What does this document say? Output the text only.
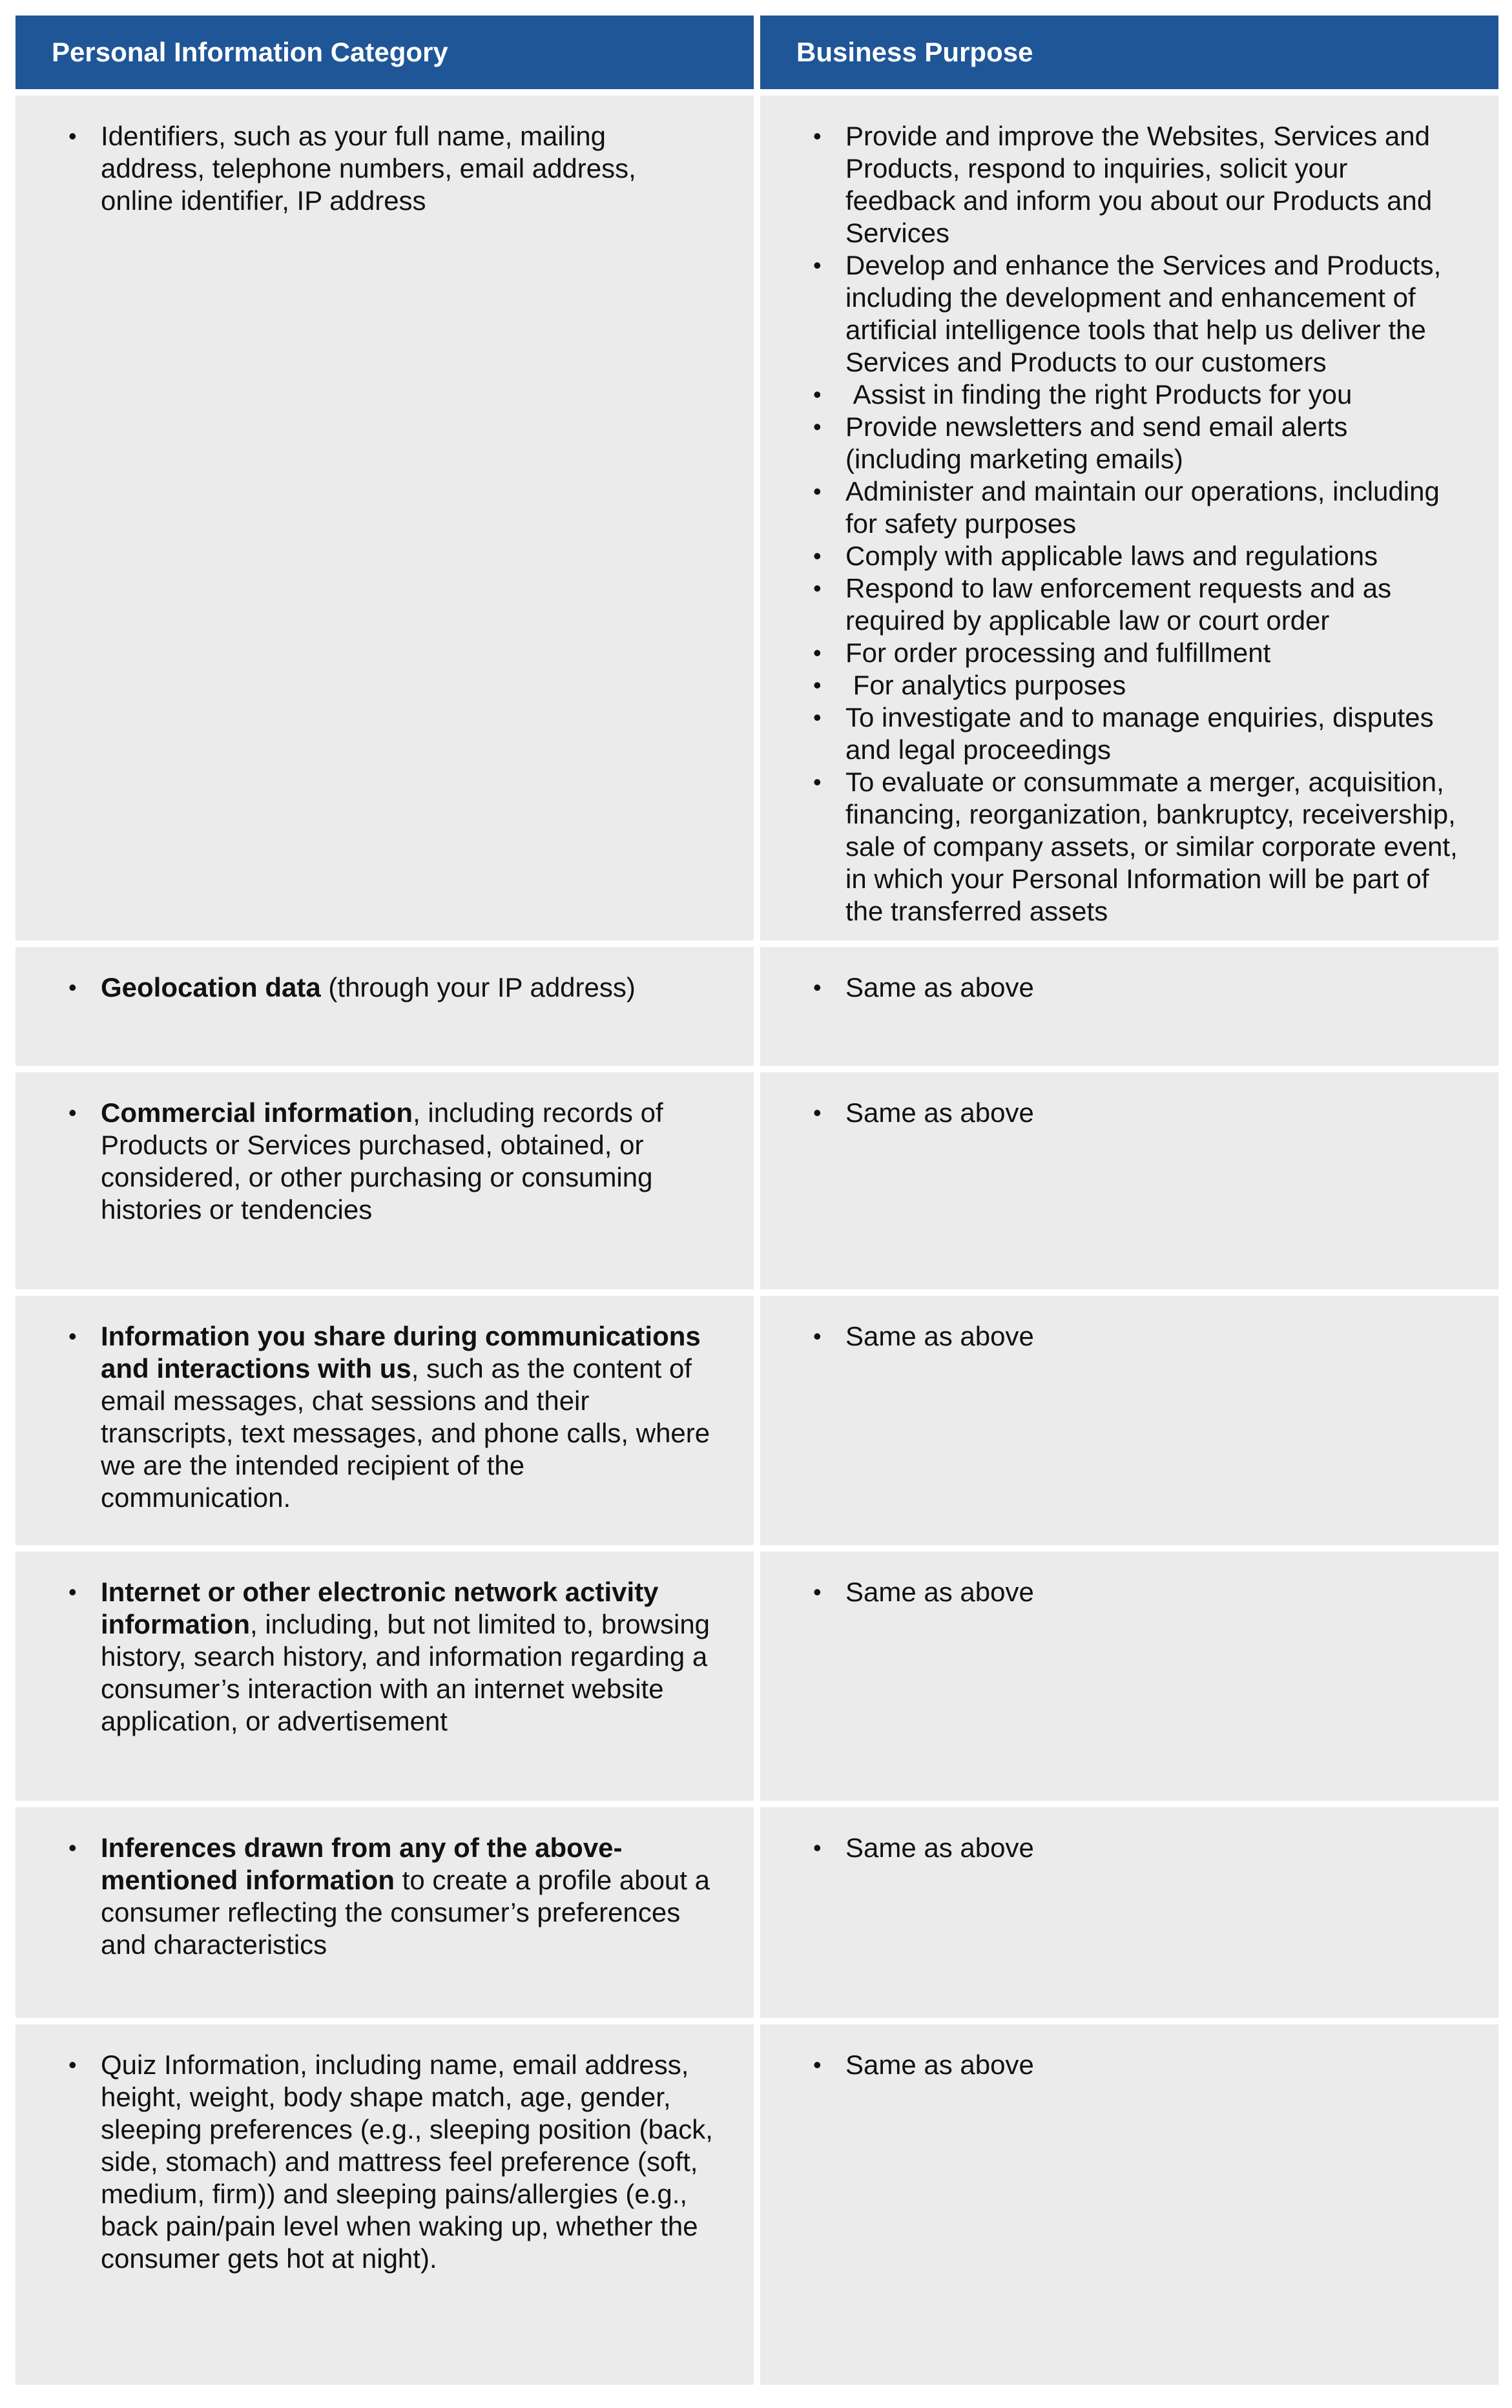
Personal Information Category	Business Purpose
• Identifiers, such as your full name, mailing address, telephone numbers, email address, online identifier, IP address
• Provide and improve the Websites, Services and Products, respond to inquiries, solicit your feedback and inform you about our Products and Services
• Develop and enhance the Services and Products, including the development and enhancement of artificial intelligence tools that help us deliver the Services and Products to our customers
•  Assist in finding the right Products for you
• Provide newsletters and send email alerts (including marketing emails)
• Administer and maintain our operations, including for safety purposes
• Comply with applicable laws and regulations
• Respond to law enforcement requests and as required by applicable law or court order
• For order processing and fulfillment
•  For analytics purposes
• To investigate and to manage enquiries, disputes and legal proceedings
• To evaluate or consummate a merger, acquisition, financing, reorganization, bankruptcy, receivership, sale of company assets, or similar corporate event, in which your Personal Information will be part of the transferred assets
• Geolocation data (through your IP address)	• Same as above
• Commercial information, including records of Products or Services purchased, obtained, or considered, or other purchasing or consuming histories or tendencies
• Same as above
• Information you share during communications and interactions with us, such as the content of email messages, chat sessions and their transcripts, text messages, and phone calls, where we are the intended recipient of the communication.
• Same as above
• Internet or other electronic network activity information, including, but not limited to, browsing history, search history, and information regarding a consumer’s interaction with an internet website application, or advertisement
• Same as above
• Inferences drawn from any of the above-mentioned information to create a profile about a consumer reflecting the consumer’s preferences and characteristics
• Same as above
• Quiz Information, including name, email address, height, weight, body shape match, age, gender, sleeping preferences (e.g., sleeping position (back, side, stomach) and mattress feel preference (soft, medium, firm)) and sleeping pains/allergies (e.g., back pain/pain level when waking up, whether the consumer gets hot at night).
• Same as above
